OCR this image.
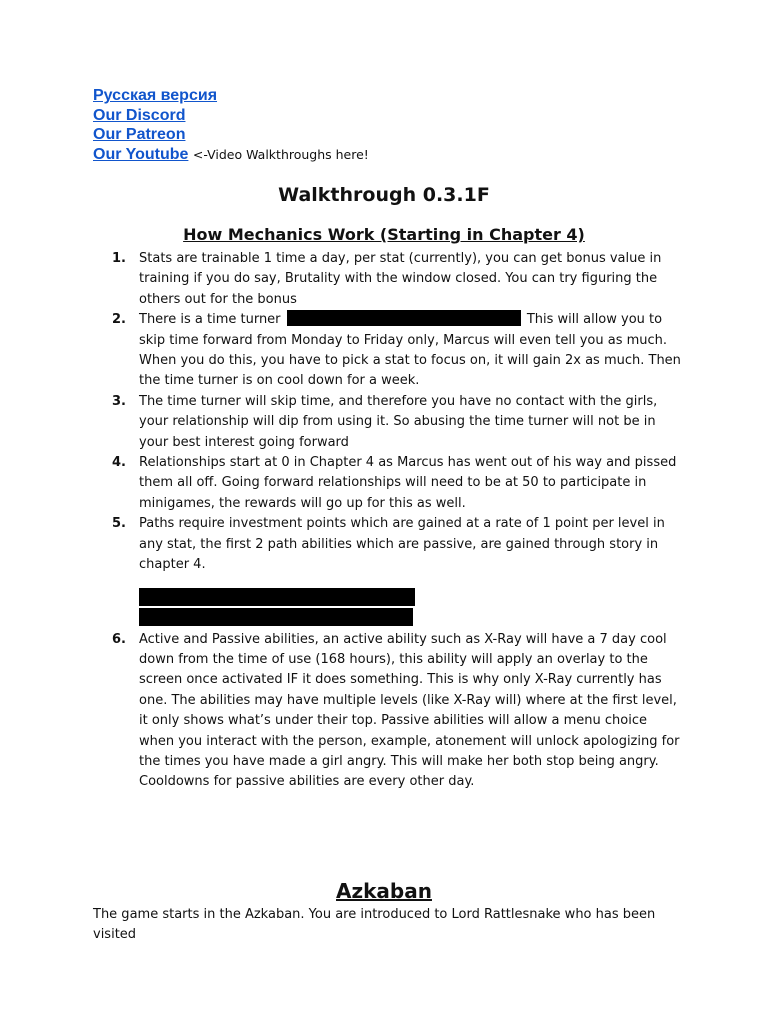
Русская версия
Our Discord
Our Patreon
Our Youtube <-Video Walkthroughs here!
Walkthrough 0.3.1F
How Mechanics Work (Starting in Chapter 4)
1. Stats are trainable 1 time a day, per stat (currently), you can get bonus value in training if you do say, Brutality with the window closed. You can try figuring the others out for the bonus
2. There is a time turner	This will allow you to skip time forward from Monday to Friday only, Marcus will even tell you as much. When you do this, you have to pick a stat to focus on, it will gain 2x as much. Then the time turner is on cool down for a week.
3. The time turner will skip time, and therefore you have no contact with the girls, your relationship will dip from using it. So abusing the time turner will not be in your best interest going forward
4. Relationships start at 0 in Chapter 4 as Marcus has went out of his way and pissed them all off. Going forward relationships will need to be at 50 to participate in minigames, the rewards will go up for this as well.
5. Paths require investment points which are gained at a rate of 1 point per level in any stat, the first 2 path abilities which are passive, are gained through story in chapter 4.
6. Active and Passive abilities, an active ability such as X-Ray will have a 7 day cool down from the time of use (168 hours), this ability will apply an overlay to the screen once activated IF it does something. This is why only X-Ray currently has one. The abilities may have multiple levels (like X-Ray will) where at the first level, it only shows what’s under their top. Passive abilities will allow a menu choice when you interact with the person, example, atonement will unlock apologizing for the times you have made a girl angry. This will make her both stop being angry. Cooldowns for passive abilities are every other day.
Azkaban
The game starts in the Azkaban. You are introduced to Lord Rattlesnake who has been visited
